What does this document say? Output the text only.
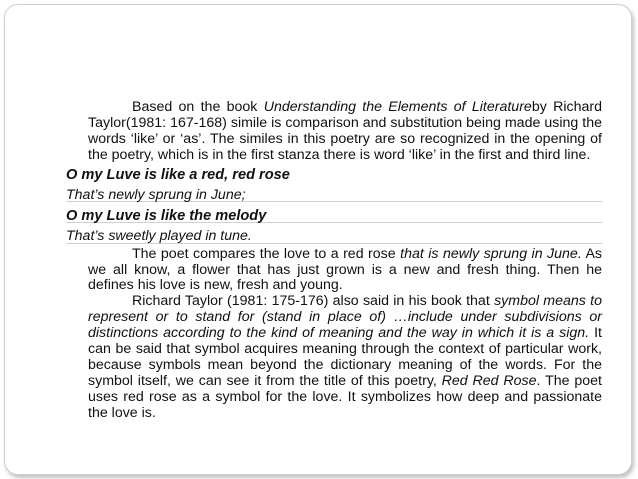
Based on the book Understanding the Elements of Literatureby Richard Taylor(1981: 167-168) simile is comparison and substitution being made using the words ‘like’ or ‘as’. The similes in this poetry are so recognized in the opening of the poetry, which is in the first stanza there is word ‘like’ in the first and third line.

O my Luve is like a red, red rose

That’s newly sprung in June;

O my Luve is like the melody

That’s sweetly played in tune.

The poet compares the love to a red rose that is newly sprung in June. As we all know, a flower that has just grown is a new and fresh thing. Then he defines his love is new, fresh and young.

Richard Taylor (1981: 175-176) also said in his book that symbol means to represent or to stand for (stand in place of) …include under subdivisions or distinctions according to the kind of meaning and the way in which it is a sign. It can be said that symbol acquires meaning through the context of particular work, because symbols mean beyond the dictionary meaning of the words. For the symbol itself, we can see it from the title of this poetry, Red Red Rose. The poet uses red rose as a symbol for the love. It symbolizes how deep and passionate the love is.
